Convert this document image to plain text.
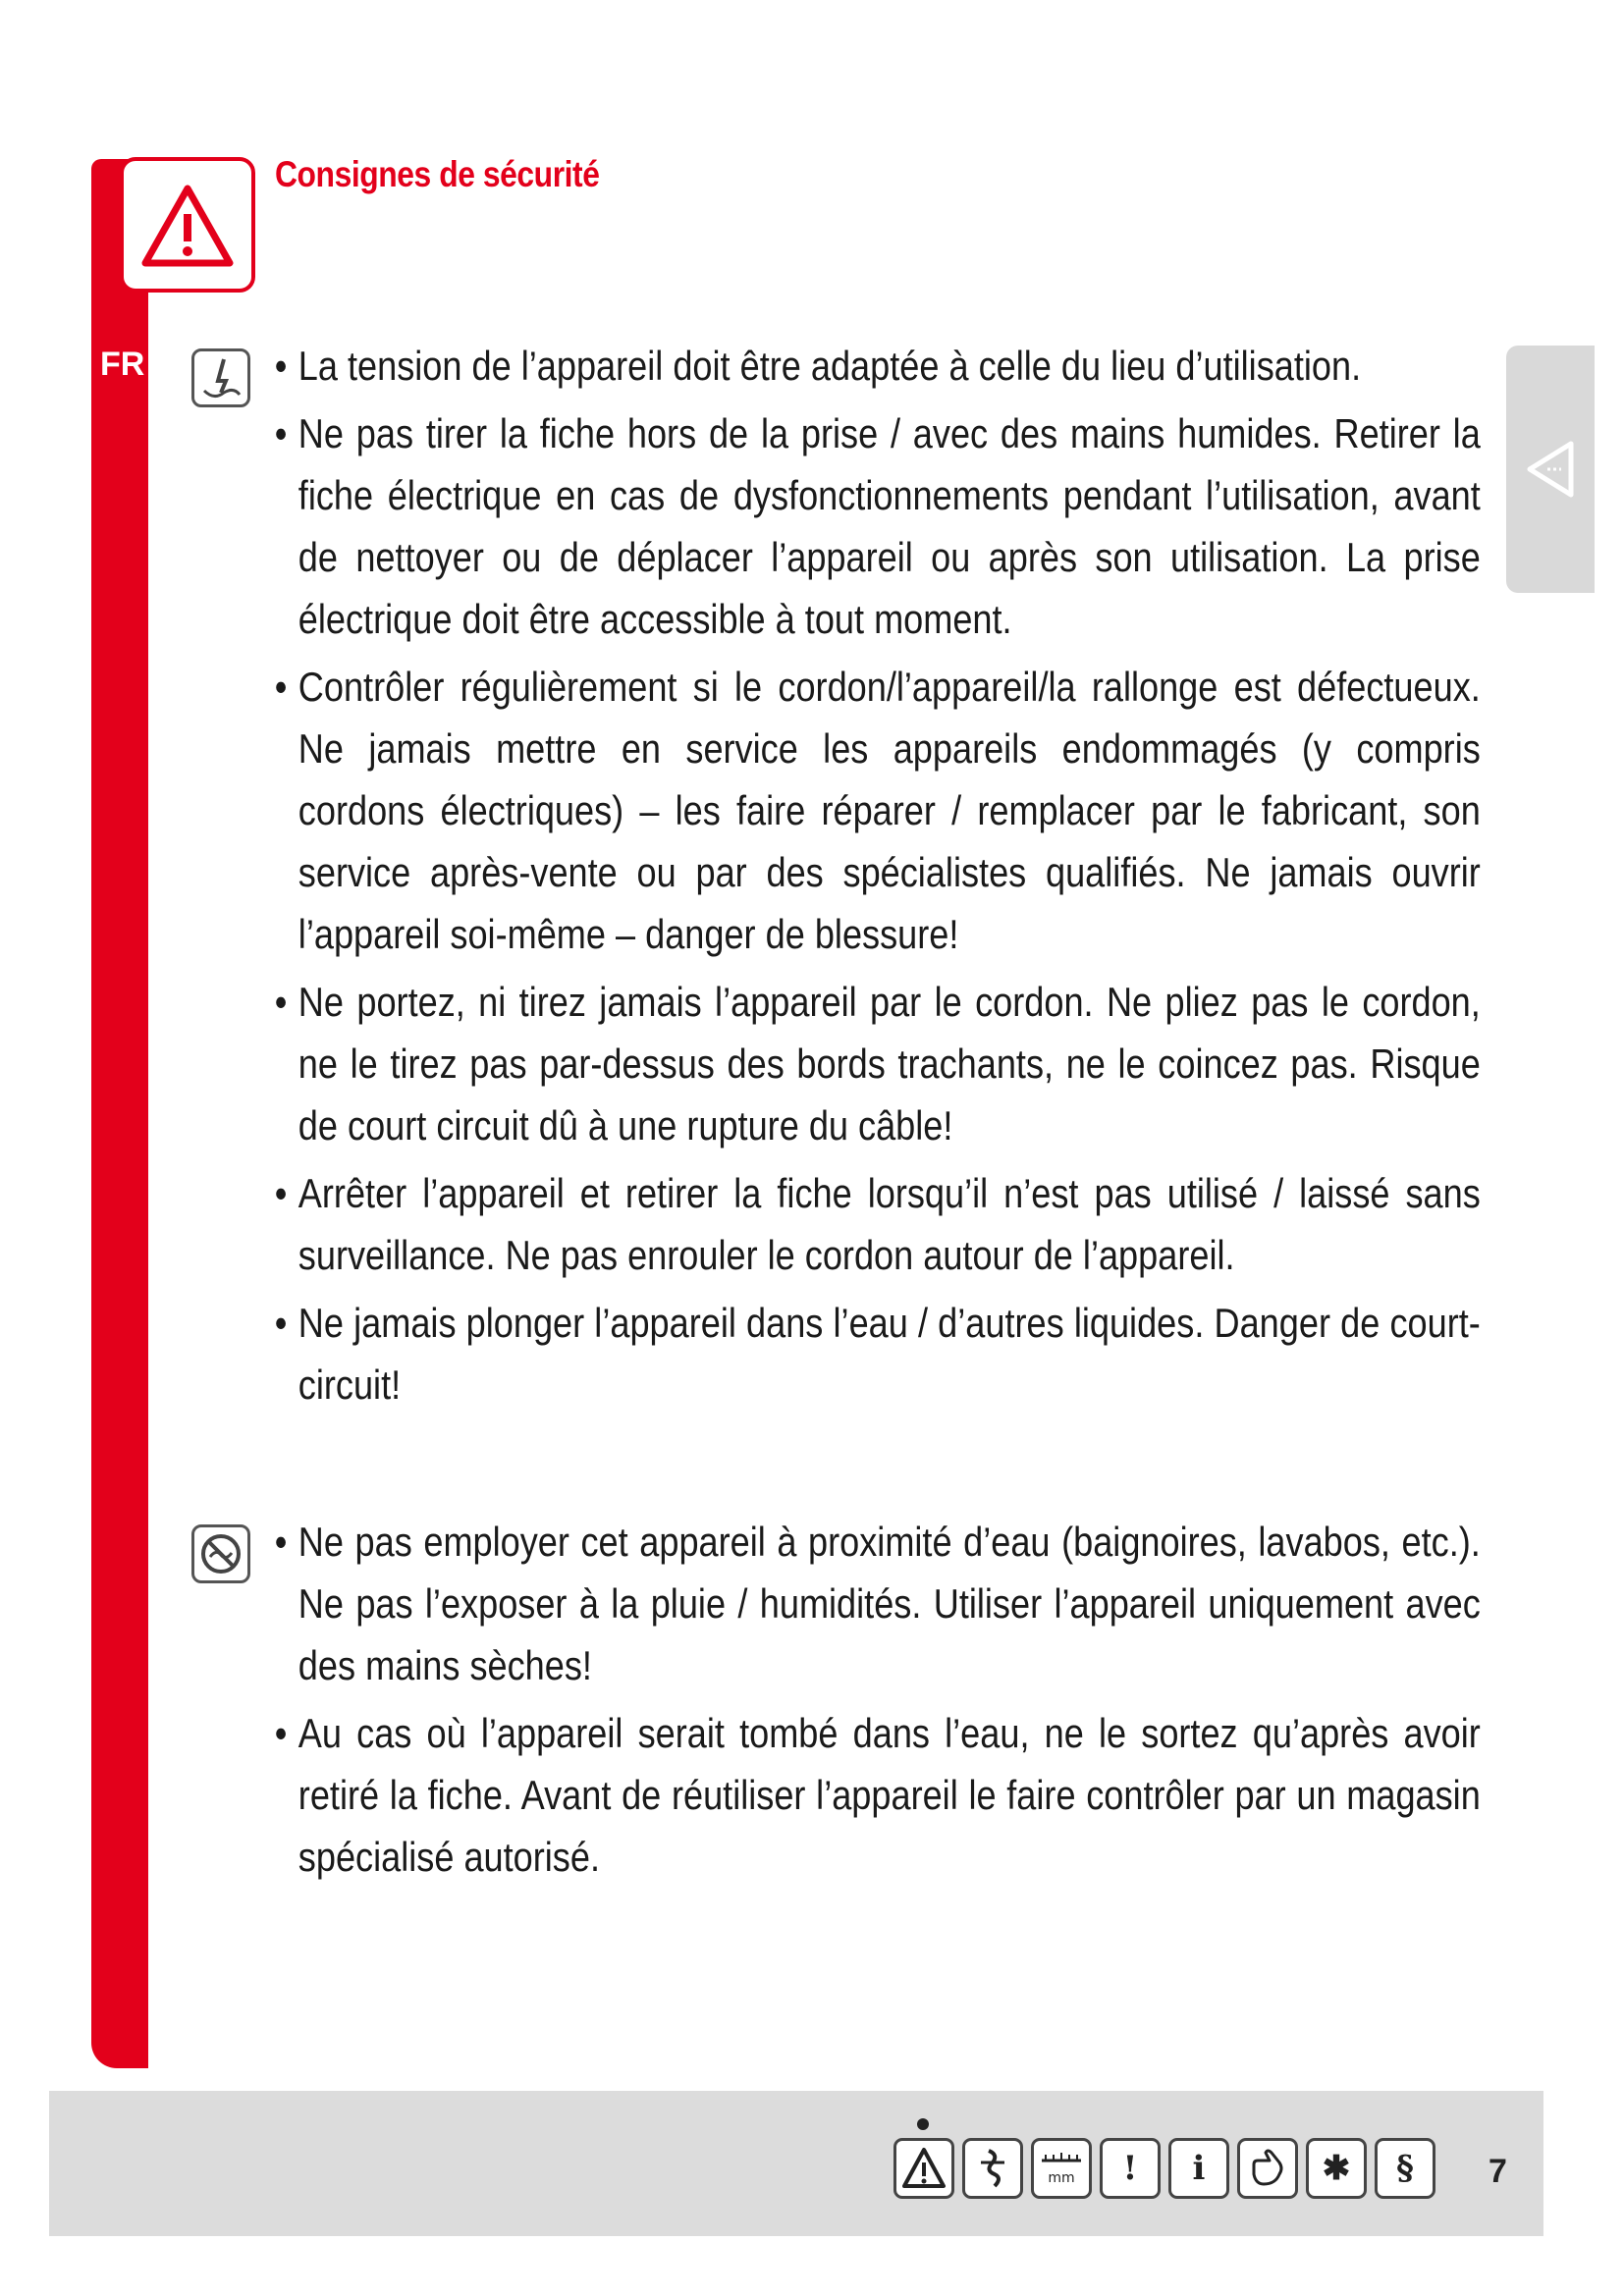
Consignes de sécurité
FR
•	La tension de l’appareil doit être adaptée à celle du lieu d’utilisation.
• Ne pas tirer la fiche hors de la prise / avec des mains humides. Retirer la fiche électrique en cas de dysfonctionnements pendant l’utilisation, avant de nettoyer ou de déplacer l’appareil ou après son utilisation. La prise électrique doit être accessible à tout moment.
• Contrôler régulièrement si le cordon/l’appareil/la rallonge est défectueux. Ne jamais mettre en service les appareils endommagés (y compris cordons électriques) – les faire réparer / remplacer par le fabricant, son service après-vente ou par des spécialistes qualifiés. Ne jamais ouvrir l’appareil soi-même – danger de blessure!
• Ne portez, ni tirez jamais l’appareil par le cordon. Ne pliez pas le cordon, ne le tirez pas par-dessus des bords trachants, ne le coincez pas. Risque de court circuit dû à une rupture du câble!
• Arrêter l’appareil et retirer la fiche lorsqu’il n’est pas utilisé / laissé sans surveillance. Ne pas enrouler le cordon autour de l’appareil.
• Ne jamais plonger l’appareil dans l’eau / d’autres liquides. Danger de court-circuit!
• Ne pas employer cet appareil à proximité d’eau (baignoires, lavabos, etc.). Ne pas l’exposer à la pluie / humidités. Utiliser l’appareil uniquement avec des mains sèches!
• Au cas où l’appareil serait tombé dans l’eau, ne le sortez qu’après avoir retiré la fiche. Avant de réutiliser l’appareil le faire contrôler par un magasin spécialisé autorisé.
mm	!	i	✱	§	7
